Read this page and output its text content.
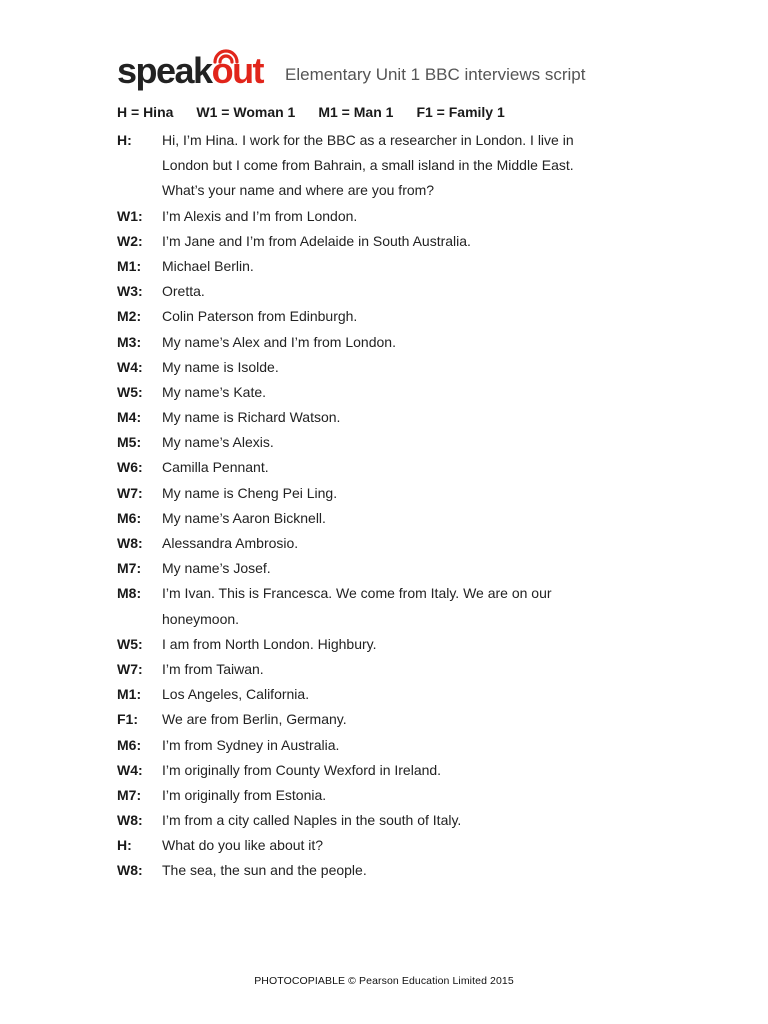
speakout Elementary Unit 1 BBC interviews script
H = Hina W1 = Woman 1 M1 = Man 1 F1 = Family 1
H:	Hi, I’m Hina. I work for the BBC as a researcher in London. I live in
London but I come from Bahrain, a small island in the Middle East.
What’s your name and where are you from?
W1:	I’m Alexis and I’m from London.
W2:	I’m Jane and I’m from Adelaide in South Australia.
M1:	Michael Berlin.
W3:	Oretta.
M2:	Colin Paterson from Edinburgh.
M3:	My name’s Alex and I’m from London.
W4:	My name is Isolde.
W5:	My name’s Kate.
M4:	My name is Richard Watson.
M5:	My name’s Alexis.
W6:	Camilla Pennant.
W7:	My name is Cheng Pei Ling.
M6:	My name’s Aaron Bicknell.
W8:	Alessandra Ambrosio.
M7:	My name’s Josef.
M8:	I’m Ivan. This is Francesca. We come from Italy. We are on our
honeymoon.
W5:	I am from North London. Highbury.
W7:	I’m from Taiwan.
M1:	Los Angeles, California.
F1:	We are from Berlin, Germany.
M6:	I’m from Sydney in Australia.
W4:	I’m originally from County Wexford in Ireland.
M7:	I’m originally from Estonia.
W8:	I’m from a city called Naples in the south of Italy.
H:	What do you like about it?
W8:	The sea, the sun and the people.
PHOTOCOPIABLE © Pearson Education Limited 2015
